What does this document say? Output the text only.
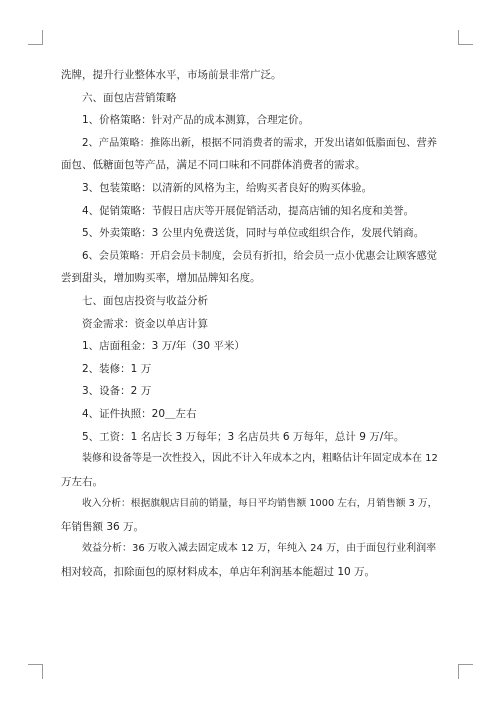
洗牌，提升行业整体水平，市场前景非常广泛。

六、面包店营销策略

1、价格策略：针对产品的成本测算，合理定价。

2、产品策略：推陈出新，根据不同消费者的需求，开发出诸如低脂面包、营养

面包、低糖面包等产品，满足不同口味和不同群体消费者的需求。

3、包装策略：以清新的风格为主，给购买者良好的购买体验。

4、促销策略：节假日店庆等开展促销活动，提高店铺的知名度和美誉。

5、外卖策略：3 公里内免费送货，同时与单位或组织合作，发展代销商。

6、会员策略：开启会员卡制度，会员有折扣，给会员一点小优惠会让顾客感觉

尝到甜头，增加购买率，增加品牌知名度。

七、面包店投资与收益分析

资金需求：资金以单店计算

1、店面租金：3 万/年（30 平米）

2、装修：1 万

3、设备：2 万

4、证件执照：20＿左右

5、工资：1 名店长 3 万每年；3 名店员共 6 万每年，总计 9 万/年。

装修和设备等是一次性投入，因此不计入年成本之内，粗略估计年固定成本在 12

万左右。

收入分析：根据旗舰店目前的销量，每日平均销售额 1000 左右，月销售额 3 万，

年销售额 36 万。

效益分析：36 万收入减去固定成本 12 万，年纯入 24 万，由于面包行业利润率

相对较高，扣除面包的原材料成本，单店年利润基本能超过 10 万。
